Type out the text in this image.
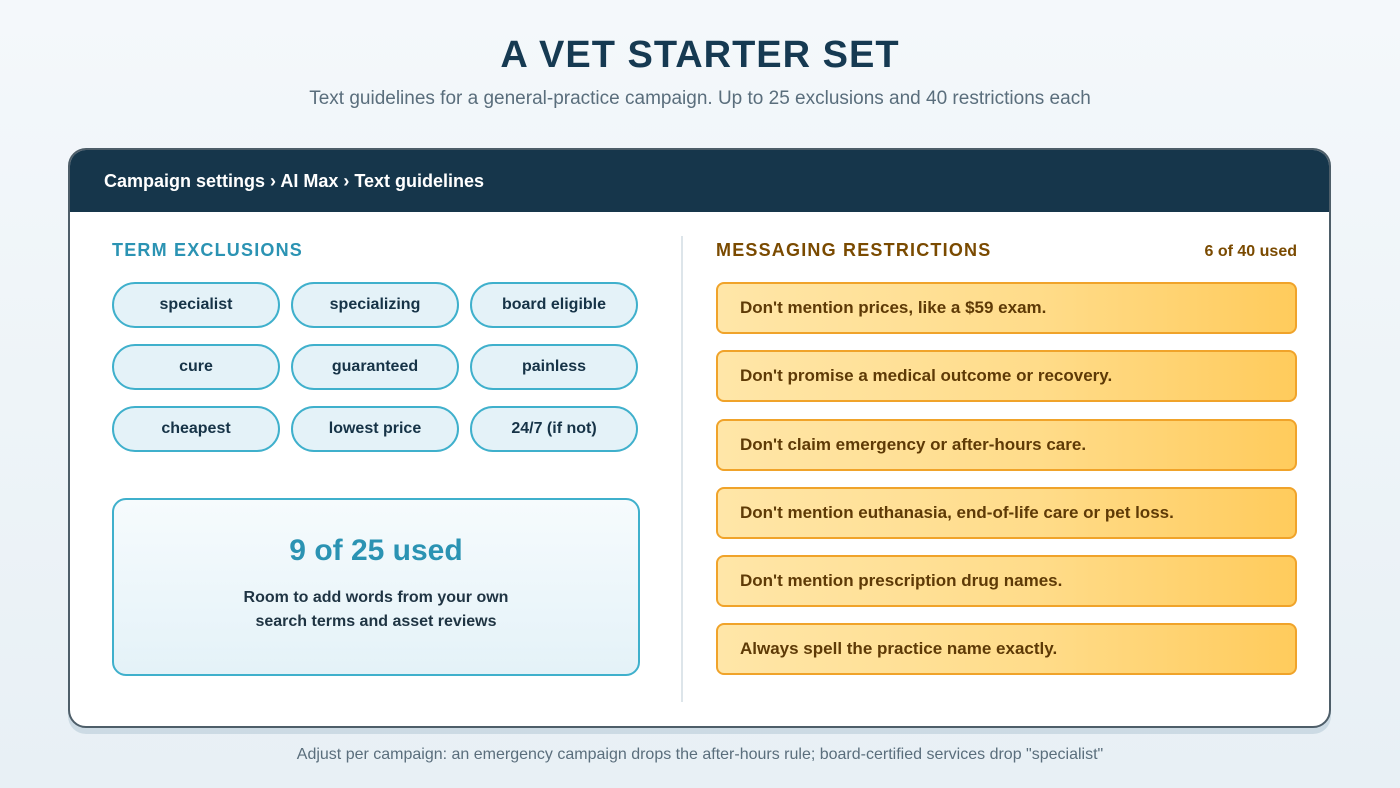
A VET STARTER SET

Text guidelines for a general-practice campaign. Up to 25 exclusions and 40 restrictions each

Campaign settings › AI Max › Text guidelines
TERM EXCLUSIONS
specialist	specializing	board eligible
cure	guaranteed	painless
cheapest	lowest price	24/7 (if not)
9 of 25 used
Room to add words from your own search terms and asset reviews
MESSAGING RESTRICTIONS	6 of 40 used
Don't mention prices, like a $59 exam.
Don't promise a medical outcome or recovery.
Don't claim emergency or after-hours care.
Don't mention euthanasia, end-of-life care or pet loss.
Don't mention prescription drug names.
Always spell the practice name exactly.

Adjust per campaign: an emergency campaign drops the after-hours rule; board-certified services drop "specialist"
